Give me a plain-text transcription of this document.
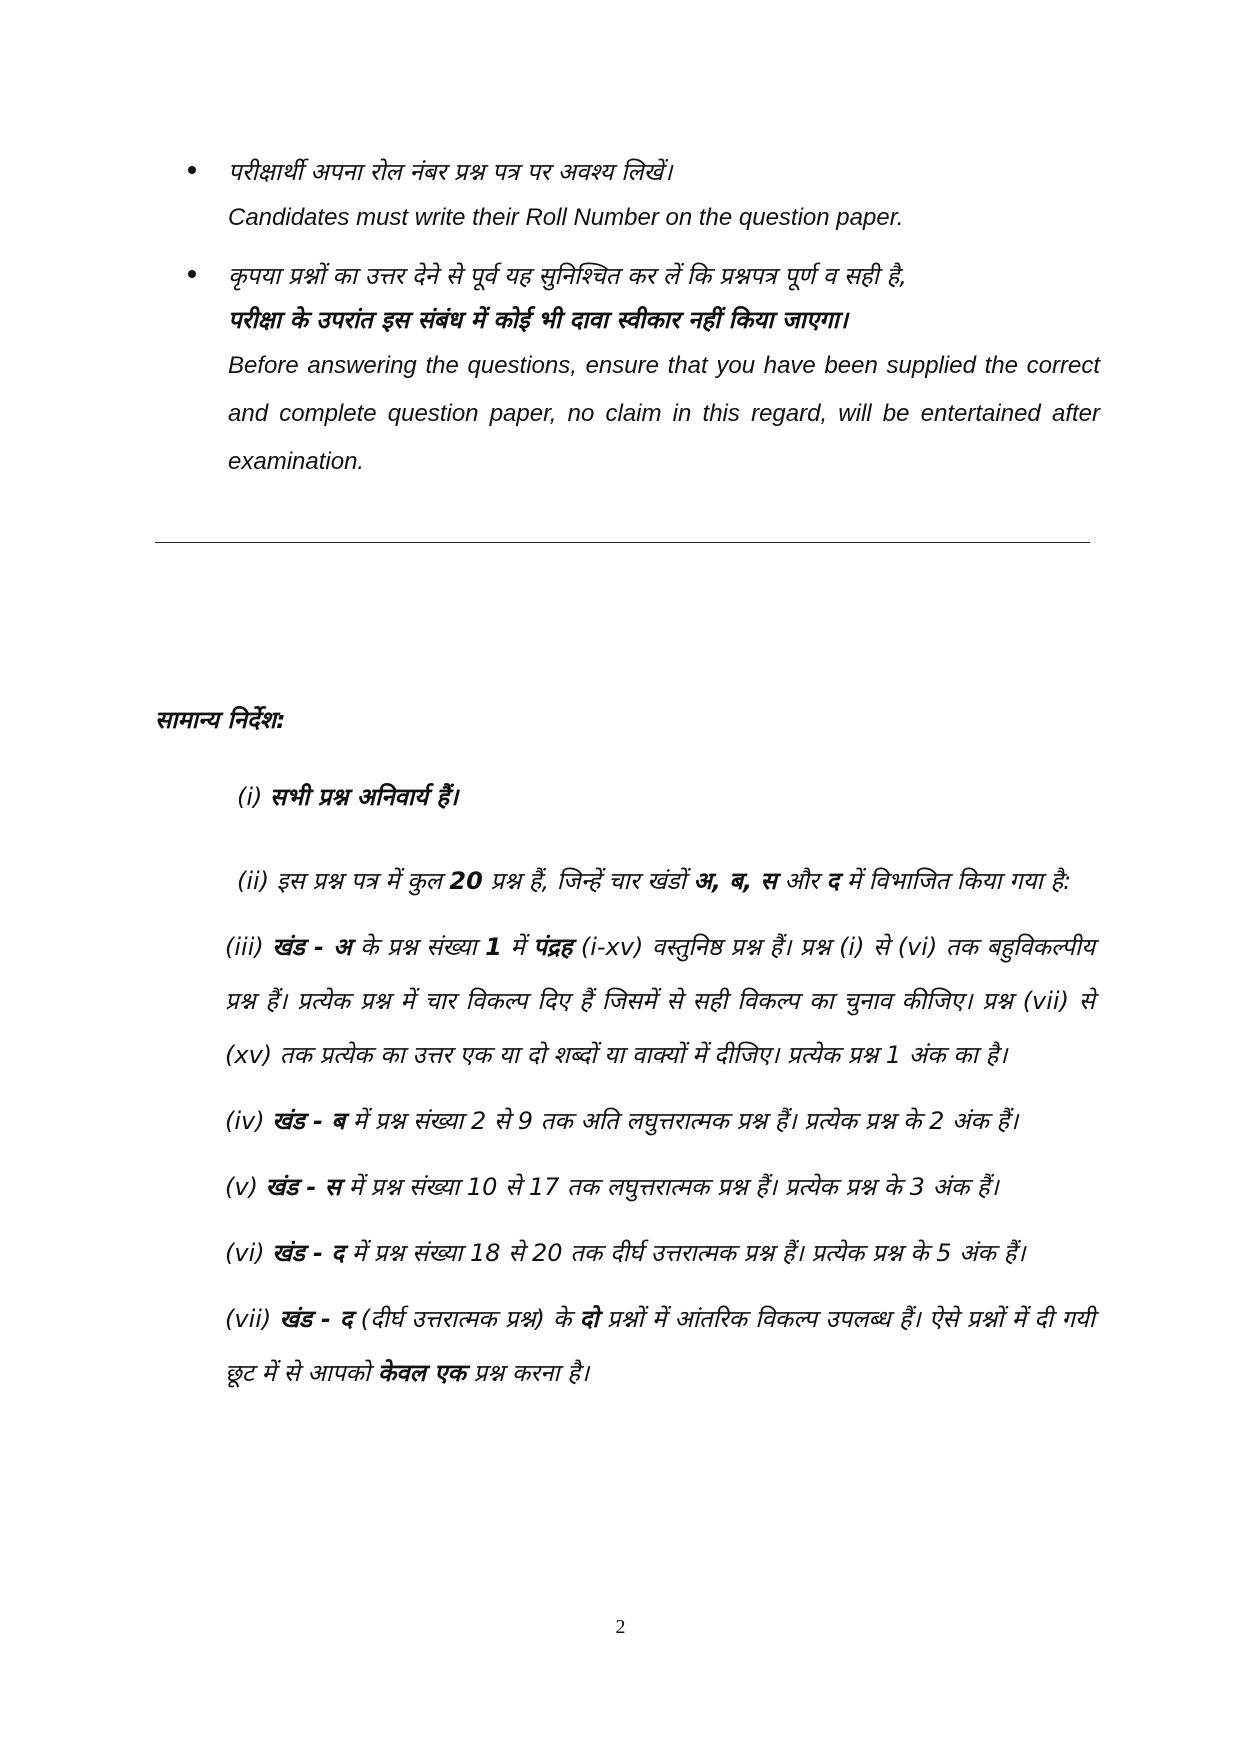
परीक्षार्थी अपना रोल नंबर प्रश्न पत्र पर अवश्य लिखें।
Candidates must write their Roll Number on the question paper.
कृपया प्रश्नों का उत्तर देने से पूर्व यह सुनिश्चित कर लें कि प्रश्नपत्र पूर्ण व सही है,
परीक्षा के उपरांत इस संबंध में कोई भी दावा स्वीकार नहीं किया जाएगा।
Before answering the questions, ensure that you have been supplied the correct and complete question paper, no claim in this regard, will be entertained after examination.
सामान्य निर्देश:

(i) सभी प्रश्न अनिवार्य हैं।

(ii) इस प्रश्न पत्र में कुल 20 प्रश्न हैं, जिन्हें चार खंडों अ, ब, स और द में विभाजित किया गया है:

(iii) खंड - अ के प्रश्न संख्या 1 में पंद्रह (i-xv) वस्तुनिष्ठ प्रश्न हैं। प्रश्न (i) से (vi) तक बहुविकल्पीय प्रश्न हैं। प्रत्येक प्रश्न में चार विकल्प दिए हैं जिसमें से सही विकल्प का चुनाव कीजिए। प्रश्न (vii) से (xv) तक प्रत्येक का उत्तर एक या दो शब्दों या वाक्यों में दीजिए। प्रत्येक प्रश्न 1 अंक का है।

(iv) खंड - ब में प्रश्न संख्या 2 से 9 तक अति लघुत्तरात्मक प्रश्न हैं। प्रत्येक प्रश्न के 2 अंक हैं।

(v) खंड - स में प्रश्न संख्या 10 से 17 तक लघुत्तरात्मक प्रश्न हैं। प्रत्येक प्रश्न के 3 अंक हैं।

(vi) खंड - द में प्रश्न संख्या 18 से 20 तक दीर्घ उत्तरात्मक प्रश्न हैं। प्रत्येक प्रश्न के 5 अंक हैं।

(vii) खंड - द (दीर्घ उत्तरात्मक प्रश्न) के दो प्रश्नों में आंतरिक विकल्प उपलब्ध हैं। ऐसे प्रश्नों में दी गयी छूट में से आपको केवल एक प्रश्न करना है।

2
